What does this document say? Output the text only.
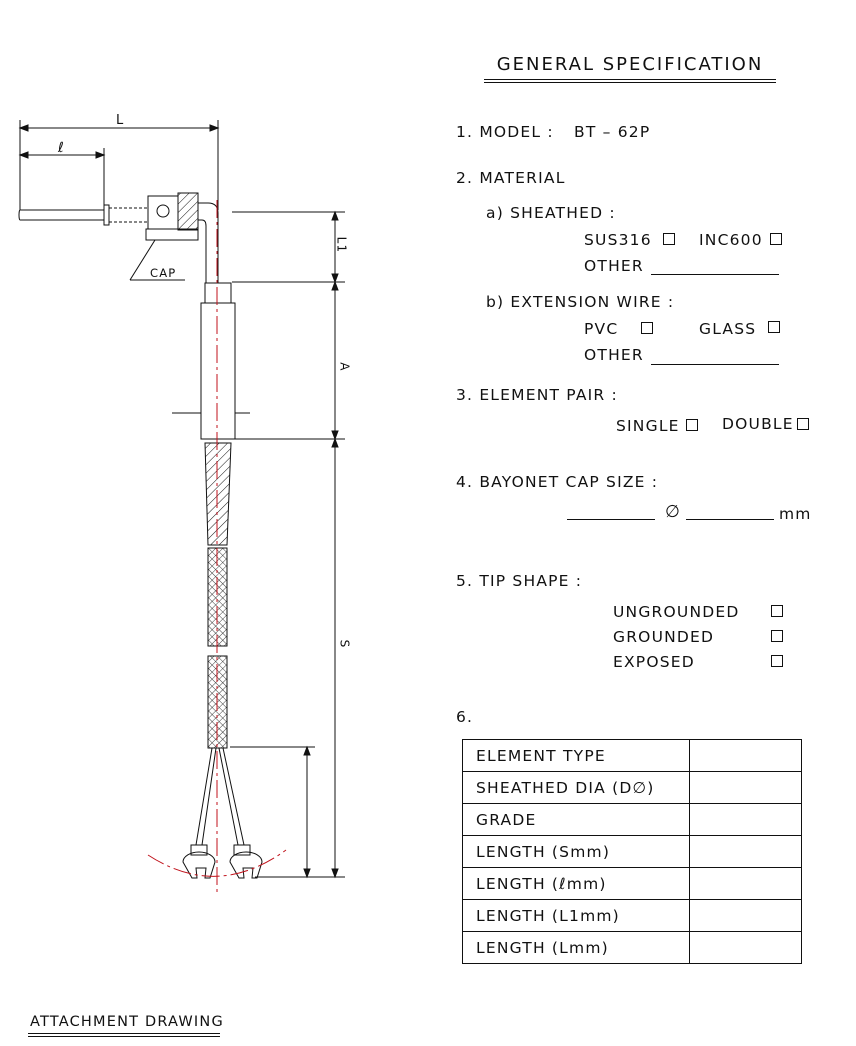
L
ℓ
L1
A
S
CAP
GENERAL SPECIFICATION
1. MODEL : BT – 62P
2. MATERIAL
a) SHEATHED :
SUS316	INC600
OTHER
b) EXTENSION WIRE :
PVC	GLASS
OTHER
3. ELEMENT PAIR :
SINGLE	DOUBLE
4. BAYONET CAP SIZE :
∅	mm
5. TIP SHAPE :
UNGROUNDED
GROUNDED
EXPOSED
6.
ELEMENT TYPE	
SHEATHED DIA (D∅)	
GRADE	
LENGTH (Smm)	
LENGTH (ℓmm)	
LENGTH (L1mm)	
LENGTH (Lmm)	
ATTACHMENT DRAWING
